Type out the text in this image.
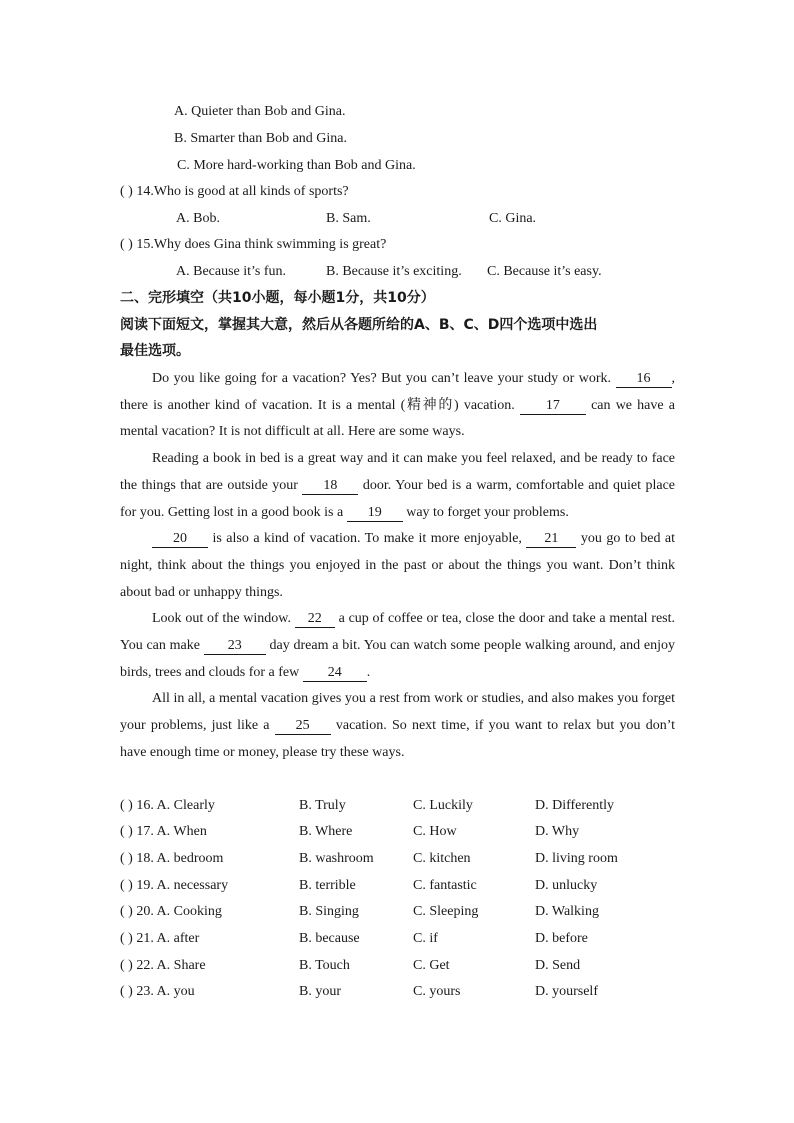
A. Quieter than Bob and Gina.
B. Smarter than Bob and Gina.
C. More hard-working than Bob and Gina.
( ) 14.Who is good at all kinds of sports?
A. Bob.	B. Sam.	C. Gina.
( ) 15.Why does Gina think swimming is great?
A. Because it’s fun.	B. Because it’s exciting. C. Because it’s easy.
二、完形填空（共10小题，每小题1分，共10分）
阅读下面短文，掌握其大意，然后从各题所给的A、B、C、D四个选项中选出
最佳选项。

Do you like going for a vacation? Yes? But you can’t leave your study or work. 16 , there is another kind of vacation. It is a mental (精神的) vacation. 17 can we have a mental vacation? It is not difficult at all. Here are some ways.

Reading a book in bed is a great way and it can make you feel relaxed, and be ready to face the things that are outside your 18 door. Your bed is a warm, comfortable and quiet place for you. Getting lost in a good book is a 19 way to forget your problems.

20 is also a kind of vacation. To make it more enjoyable, 21 you go to bed at night, think about the things you enjoyed in the past or about the things you want. Don’t think about bad or unhappy things.

Look out of the window. 22 a cup of coffee or tea, close the door and take a mental rest. You can make 23 day dream a bit. You can watch some people walking around, and enjoy birds, trees and clouds for a few 24 .

All in all, a mental vacation gives you a rest from work or studies, and also makes you forget your problems, just like a 25 vacation. So next time, if you want to relax but you don’t have enough time or money, please try these ways.

( ) 16. A. Clearly	B. Truly	C. Luckily	D. Differently
( ) 17. A. When	B. Where	C. How	D. Why
( ) 18. A. bedroom	B. washroom	C. kitchen	D. living room
( ) 19. A. necessary	B. terrible	C. fantastic	D. unlucky
( ) 20. A. Cooking	B. Singing	C. Sleeping	D. Walking
( ) 21. A. after	B. because	C. if	D. before
( ) 22. A. Share	B. Touch	C. Get	D. Send
( ) 23. A. you	B. your	C. yours	D. yourself
